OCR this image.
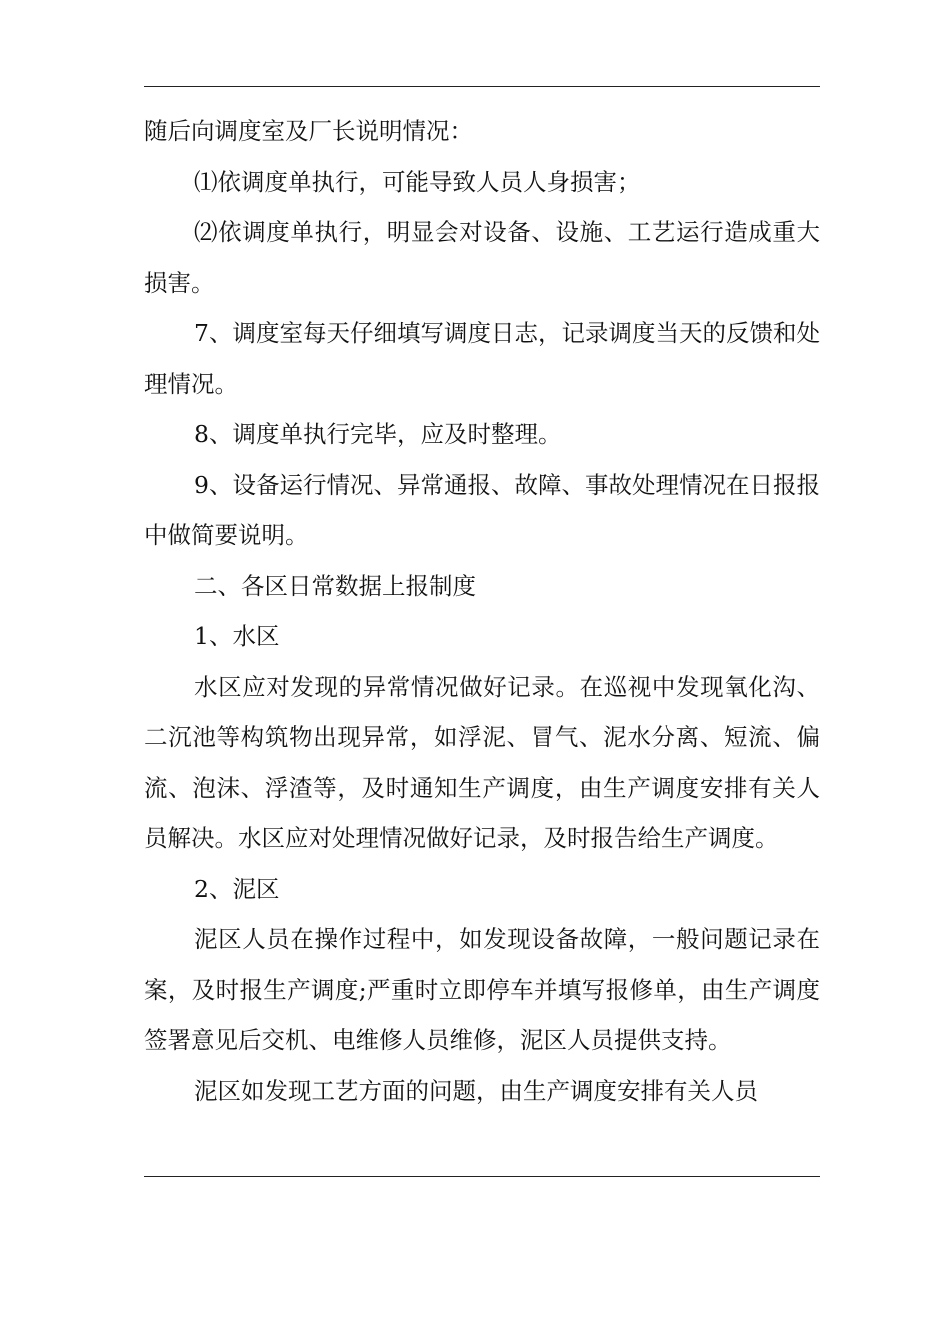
随后向调度室及厂长说明情况：

⑴依调度单执行，可能导致人员人身损害；

⑵依调度单执行，明显会对设备、设施、工艺运行造成重大损害。

7、调度室每天仔细填写调度日志，记录调度当天的反馈和处理情况。

8、调度单执行完毕，应及时整理。

9、设备运行情况、异常通报、故障、事故处理情况在日报报中做简要说明。

二、各区日常数据上报制度

1、水区

水区应对发现的异常情况做好记录。在巡视中发现氧化沟、二沉池等构筑物出现异常，如浮泥、冒气、泥水分离、短流、偏流、泡沫、浮渣等，及时通知生产调度，由生产调度安排有关人员解决。水区应对处理情况做好记录，及时报告给生产调度。

2、泥区

泥区人员在操作过程中，如发现设备故障，一般问题记录在案，及时报生产调度;严重时立即停车并填写报修单，由生产调度签署意见后交机、电维修人员维修，泥区人员提供支持。

泥区如发现工艺方面的问题，由生产调度安排有关人员
